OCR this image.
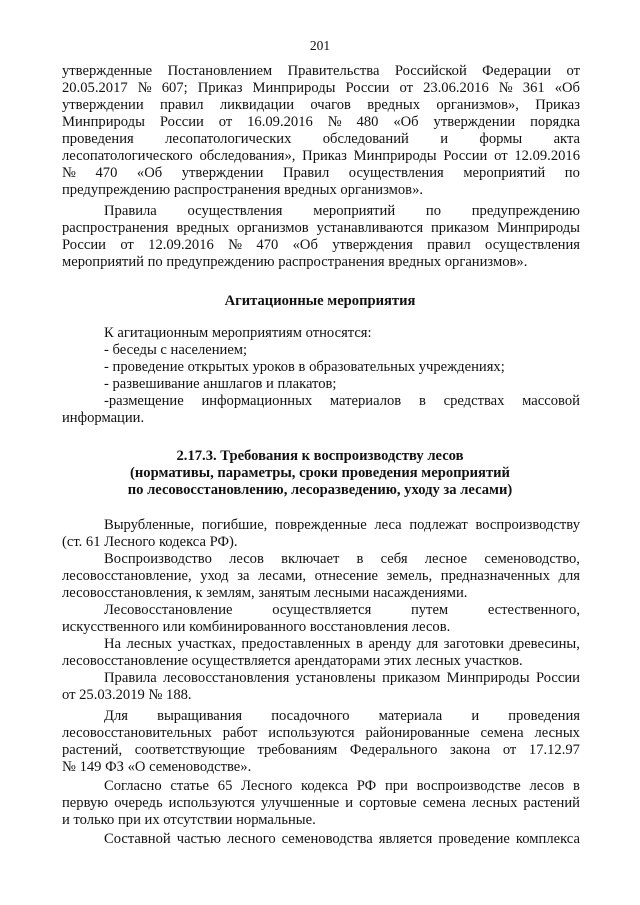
201
утвержденные Постановлением Правительства Российской Федерации от
20.05.2017 № 607; Приказ Минприроды России от 23.06.2016 № 361 «Об
утверждении правил ликвидации очагов вредных организмов», Приказ
Минприроды России от 16.09.2016 № 480 «Об утверждении порядка
проведения лесопатологических обследований и формы акта
лесопатологического обследования», Приказ Минприроды России от 12.09.2016
№ 470 «Об утверждении Правил осуществления мероприятий по
предупреждению распространения вредных организмов».
Правила осуществления мероприятий по предупреждению
распространения вредных организмов устанавливаются приказом Минприроды
России от 12.09.2016 № 470 «Об утверждения правил осуществления
мероприятий по предупреждению распространения вредных организмов».
Агитационные мероприятия
К агитационным мероприятиям относятся:
- беседы с населением;
- проведение открытых уроков в образовательных учреждениях;
- развешивание аншлагов и плакатов;
-размещение информационных материалов в средствах массовой
информации.
2.17.3. Требования к воспроизводству лесов
(нормативы, параметры, сроки проведения мероприятий
по лесовосстановлению, лесоразведению, уходу за лесами)
Вырубленные, погибшие, поврежденные леса подлежат воспроизводству
(ст. 61 Лесного кодекса РФ).
Воспроизводство лесов включает в себя лесное семеноводство,
лесовосстановление, уход за лесами, отнесение земель, предназначенных для
лесовосстановления, к землям, занятым лесными насаждениями.
Лесовосстановление	осуществляется	путем	естественного,
искусственного или комбинированного восстановления лесов.
На лесных участках, предоставленных в аренду для заготовки древесины,
лесовосстановление осуществляется арендаторами этих лесных участков.
Правила лесовосстановления установлены приказом Минприроды России
от 25.03.2019 № 188.
Для выращивания посадочного материала и проведения
лесовосстановительных работ используются районированные семена лесных
растений, соответствующие требованиям Федерального закона от 17.12.97
№ 149 ФЗ «О семеноводстве».
Согласно статье 65 Лесного кодекса РФ при воспроизводстве лесов в
первую очередь используются улучшенные и сортовые семена лесных растений
и только при их отсутствии нормальные.
Составной частью лесного семеноводства является проведение комплекса
